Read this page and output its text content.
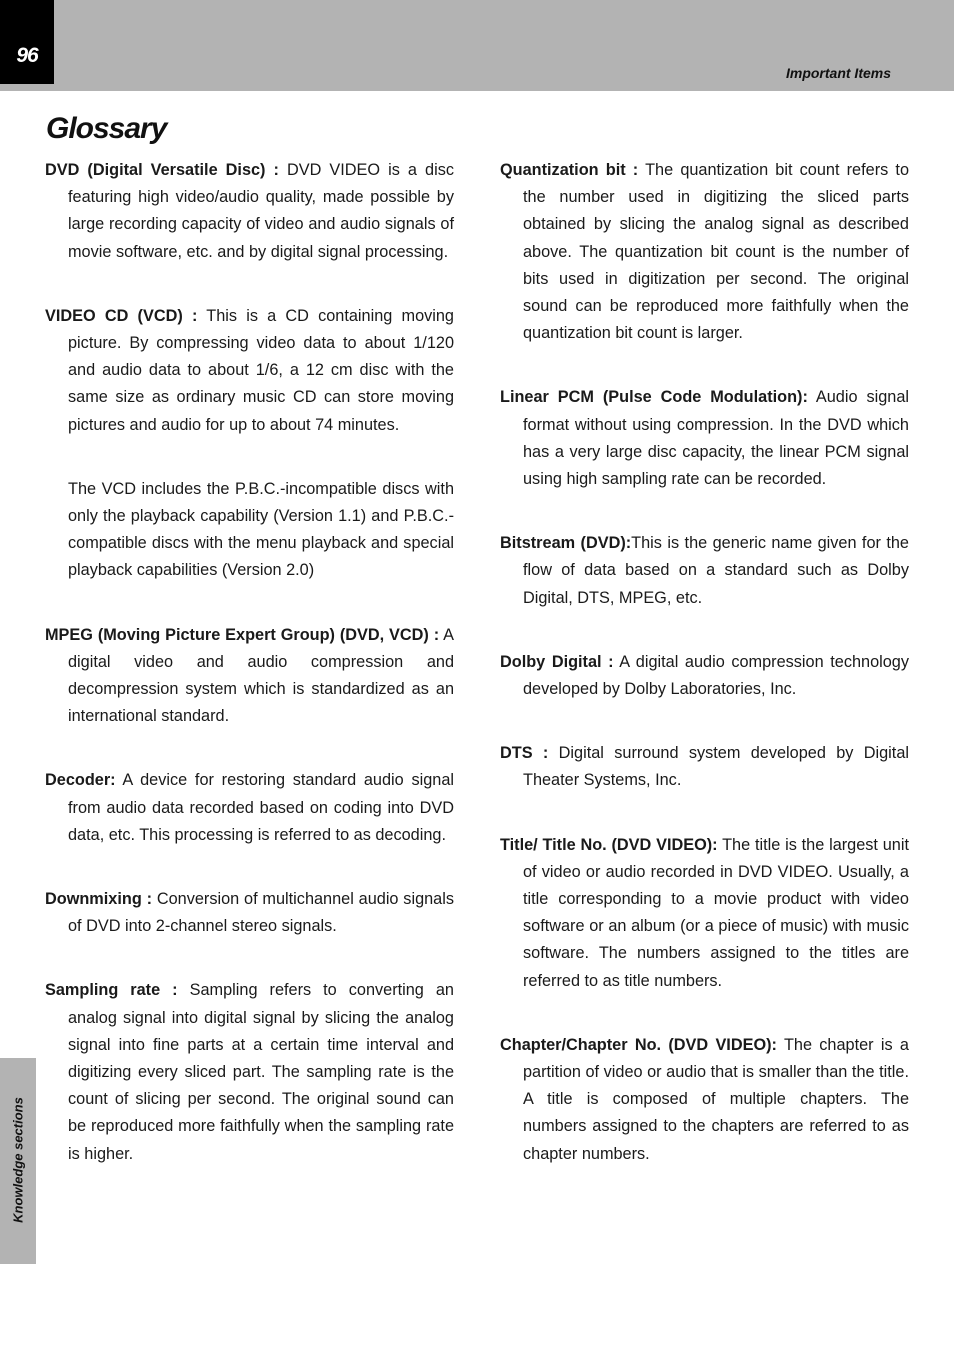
96
Important Items
Glossary

DVD (Digital Versatile Disc) : DVD VIDEO is a disc featuring high video/audio quality, made possible by large recording capacity of video and audio signals of movie software, etc. and by digital signal processing.

VIDEO CD (VCD) : This is a CD containing moving picture. By compressing video data to about 1/120 and audio data to about 1/6, a 12 cm disc with the same size as ordinary music CD can store moving pictures and audio for up to about 74 minutes.

The VCD includes the P.B.C.-incompatible discs with only the playback capability (Version 1.1) and P.B.C.-compatible discs with the menu playback and special playback capabilities (Version 2.0)

MPEG (Moving Picture Expert Group) (DVD, VCD) : A digital video and audio compression and decompression system which is standardized as an international standard.

Decoder: A device for restoring standard audio signal from audio data recorded based on coding into DVD data, etc. This processing is referred to as decoding.

Downmixing : Conversion of multichannel audio signals of DVD into 2-channel stereo signals.

Sampling rate : Sampling refers to converting an analog signal into digital signal by slicing the analog signal into fine parts at a certain time interval and digitizing every sliced part. The sampling rate is the count of slicing per second. The original sound can be reproduced more faithfully when the sampling rate is higher.

Quantization bit : The quantization bit count refers to the number used in digitizing the sliced parts obtained by slicing the analog signal as described above. The quantization bit count is the number of bits used in digitization per second. The original sound can be reproduced more faithfully when the quantization bit count is larger.

Linear PCM (Pulse Code Modulation): Audio signal format without using compression. In the DVD which has a very large disc capacity, the linear PCM signal using high sampling rate can be recorded.

Bitstream (DVD):This is the generic name given for the flow of data based on a standard such as Dolby Digital, DTS, MPEG, etc.

Dolby Digital : A digital audio compression technology developed by Dolby Laboratories, Inc.

DTS : Digital surround system developed by Digital Theater Systems, Inc.

Title/ Title No. (DVD VIDEO): The title is the largest unit of video or audio recorded in DVD VIDEO. Usually, a title corresponding to a movie product with video software or an album (or a piece of music) with music software. The numbers assigned to the titles are referred to as title numbers.

Chapter/Chapter No. (DVD VIDEO): The chapter is a partition of video or audio that is smaller than the title. A title is composed of multiple chapters. The numbers assigned to the chapters are referred to as chapter numbers.

Knowledge sections
